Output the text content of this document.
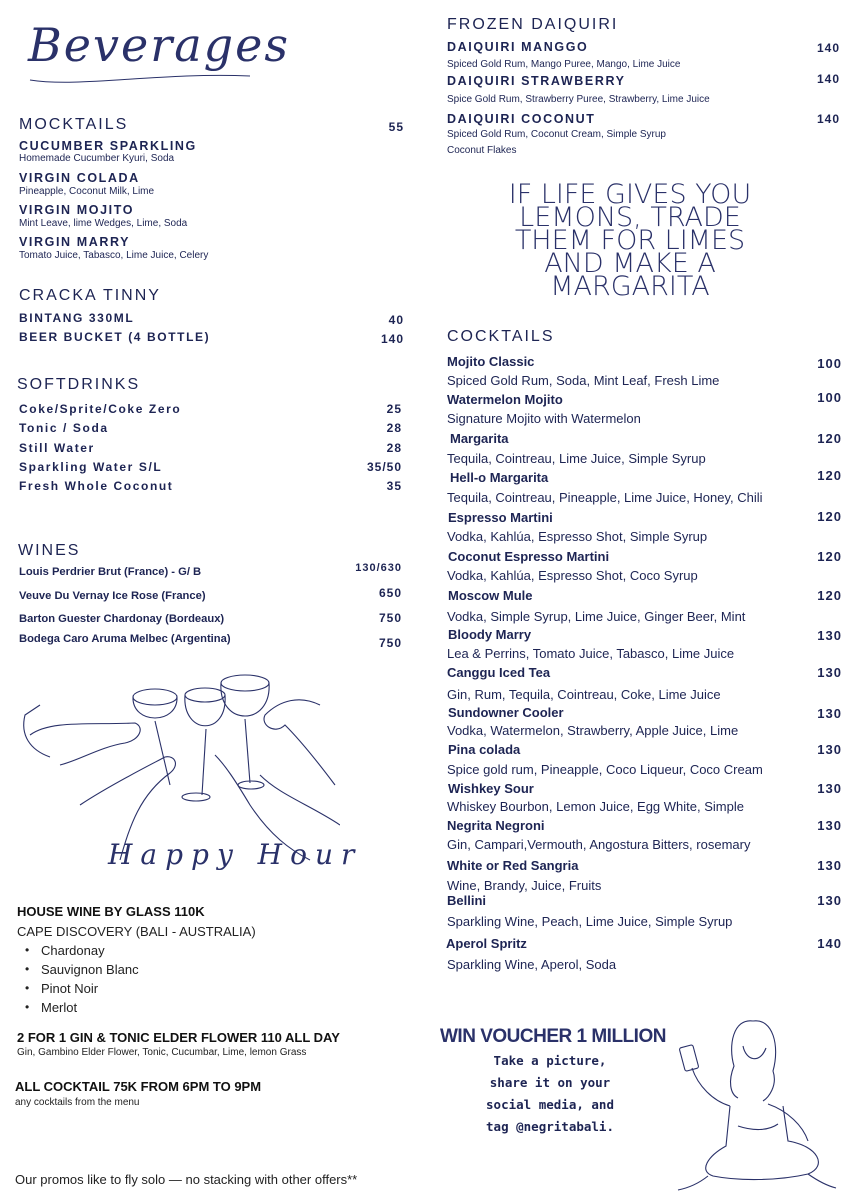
Beverages
MOCKTAILS	55
CUCUMBER SPARKLING
Homemade Cucumber Kyuri, Soda
VIRGIN COLADA
Pineapple, Coconut Milk, Lime
VIRGIN MOJITO
Mint Leave, lime Wedges, Lime, Soda
VIRGIN MARRY
Tomato Juice, Tabasco, Lime Juice, Celery
CRACKA TINNY
BINTANG 330ML	40
BEER BUCKET (4 BOTTLE)	140
SOFTDRINKS
Coke/Sprite/Coke Zero	25
Tonic / Soda	28
Still Water	28
Sparkling Water S/L	35/50
Fresh Whole Coconut	35
WINES
Louis Perdrier Brut (France) - G/ B	130/630
Veuve Du Vernay Ice Rose (France)	650
Barton Guester Chardonay (Bordeaux)	750
Bodega Caro Aruma Melbec (Argentina)	750
Happy Hour
HOUSE WINE BY GLASS 110K
CAPE DISCOVERY (BALI - AUSTRALIA)
• Chardonay
• Sauvignon Blanc
• Pinot Noir
• Merlot
2 FOR 1 GIN & TONIC ELDER FLOWER 110 ALL DAY
Gin, Gambino Elder Flower, Tonic, Cucumbar, Lime, lemon Grass
ALL COCKTAIL 75K FROM 6PM TO 9PM
any cocktails from the menu
Our promos like to fly solo — no stacking with other offers**
FROZEN DAIQUIRI
DAIQUIRI MANGGO
Spiced Gold Rum, Mango Puree, Mango, Lime Juice
140
DAIQUIRI STRAWBERRY
Spice Gold Rum, Strawberry Puree, Strawberry, Lime Juice
140
DAIQUIRI COCONUT
Spiced Gold Rum, Coconut Cream, Simple Syrup
Coconut Flakes
140
IF LIFE GIVES YOU
LEMONS, TRADE
THEM FOR LIMES
AND MAKE A
MARGARITA
COCKTAILS
Mojito Classic
Spiced Gold Rum, Soda, Mint Leaf, Fresh Lime
100
Watermelon Mojito
Signature Mojito with Watermelon
100
Margarita
Tequila, Cointreau, Lime Juice, Simple Syrup
120
Hell-o Margarita
Tequila, Cointreau, Pineapple, Lime Juice, Honey, Chili
120
Espresso Martini
Vodka, Kahlúa, Espresso Shot, Simple Syrup
120
Coconut Espresso Martini
Vodka, Kahlúa, Espresso Shot, Coco Syrup
120
Moscow Mule
Vodka, Simple Syrup, Lime Juice, Ginger Beer, Mint
120
Bloody Marry
Lea & Perrins, Tomato Juice, Tabasco, Lime Juice
130
Canggu Iced Tea
Gin, Rum, Tequila, Cointreau, Coke, Lime Juice
130
Sundowner Cooler
Vodka, Watermelon, Strawberry, Apple Juice, Lime
130
Pina colada
Spice gold rum, Pineapple, Coco Liqueur, Coco Cream
130
Wishkey Sour
Whiskey Bourbon, Lemon Juice, Egg White, Simple
130
Negrita Negroni
Gin, Campari,Vermouth, Angostura Bitters, rosemary
130
White or Red Sangria
Wine, Brandy, Juice, Fruits
130
Bellini
Sparkling Wine, Peach, Lime Juice, Simple Syrup
130
Aperol Spritz
Sparkling Wine, Aperol, Soda
140
WIN VOUCHER 1 MILLION
Take a picture,
share it on your
social media, and
tag @negritabali.
